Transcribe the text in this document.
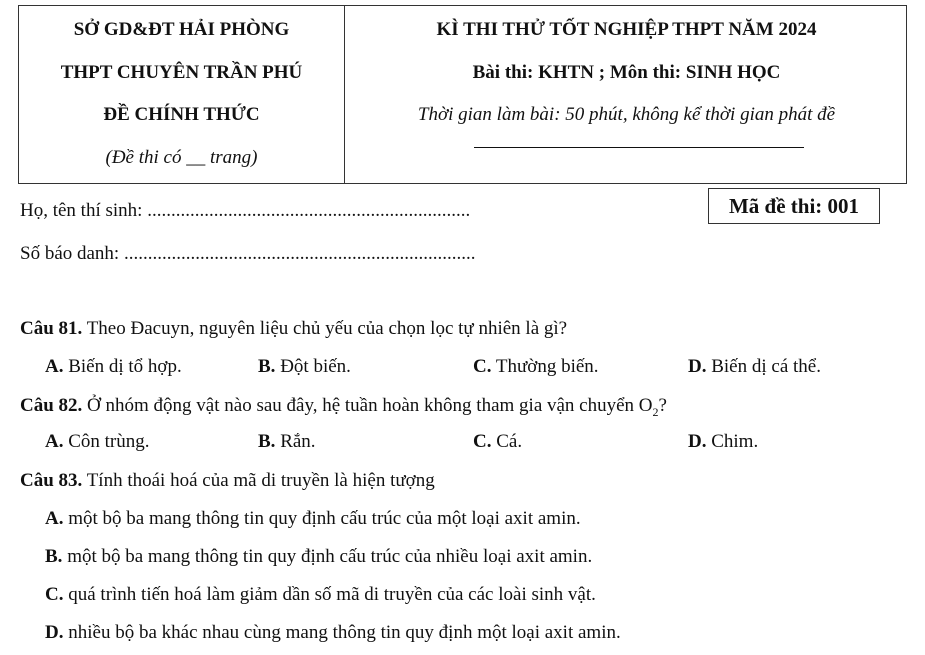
SỞ GD&ĐT HẢI PHÒNG
THPT CHUYÊN TRẦN PHÚ
ĐỀ CHÍNH THỨC
(Đề thi có __ trang)
KÌ THI THỬ TỐT NGHIỆP THPT NĂM 2024
Bài thi: KHTN ; Môn thi: SINH HỌC
Thời gian làm bài: 50 phút, không kể thời gian phát đề
Họ, tên thí sinh: ....................................................................
Số báo danh: ..........................................................................
Mã đề thi: 001
Câu 81. Theo Đacuyn, nguyên liệu chủ yếu của chọn lọc tự nhiên là gì?
A. Biến dị tổ hợp.	B. Đột biến.	C. Thường biến.	D. Biến dị cá thể.
Câu 82. Ở nhóm động vật nào sau đây, hệ tuần hoàn không tham gia vận chuyển $O_2$?
A. Côn trùng.	B. Rắn.	C. Cá.	D. Chim.
Câu 83. Tính thoái hoá của mã di truyền là hiện tượng
A. một bộ ba mang thông tin quy định cấu trúc của một loại axit amin.
B. một bộ ba mang thông tin quy định cấu trúc của nhiều loại axit amin.
C. quá trình tiến hoá làm giảm dần số mã di truyền của các loài sinh vật.
D. nhiều bộ ba khác nhau cùng mang thông tin quy định một loại axit amin.
